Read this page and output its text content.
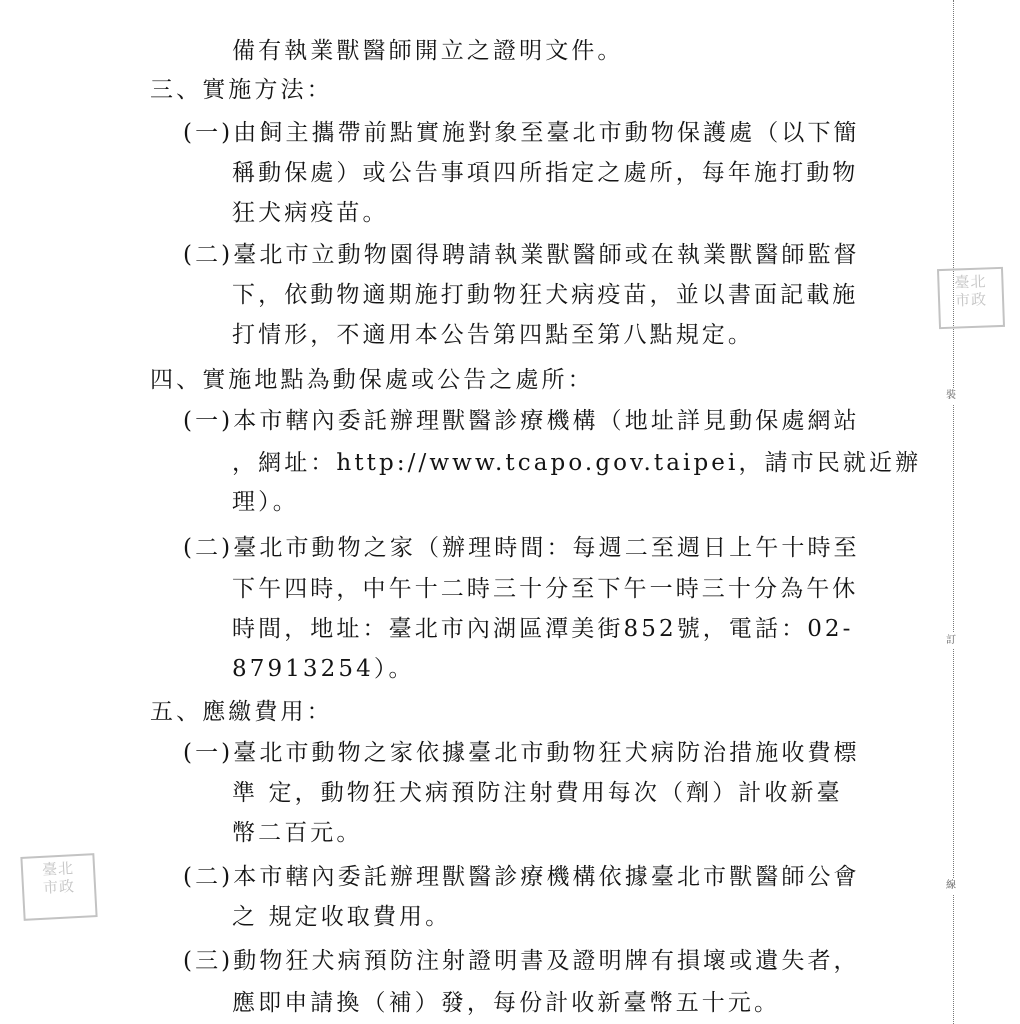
備有執業獸醫師開立之證明文件。
三、實施方法：
(一)由飼主攜帶前點實施對象至臺北市動物保護處（以下簡
稱動保處）或公告事項四所指定之處所，每年施打動物
狂犬病疫苗。
(二)臺北市立動物園得聘請執業獸醫師或在執業獸醫師監督
下，依動物適期施打動物狂犬病疫苗，並以書面記載施
打情形，不適用本公告第四點至第八點規定。
四、實施地點為動保處或公告之處所：
(一)本市轄內委託辦理獸醫診療機構（地址詳見動保處網站
，網址：http://www.tcapo.gov.taipei，請市民就近辦
理）。
(二)臺北市動物之家（辦理時間：每週二至週日上午十時至
下午四時，中午十二時三十分至下午一時三十分為午休
時間，地址：臺北市內湖區潭美街852號，電話：02-
87913254）。
五、應繳費用：
(一)臺北市動物之家依據臺北市動物狂犬病防治措施收費標
準 定，動物狂犬病預防注射費用每次（劑）計收新臺
幣二百元。
(二)本市轄內委託辦理獸醫診療機構依據臺北市獸醫師公會
之 規定收取費用。
(三)動物狂犬病預防注射證明書及證明牌有損壞或遺失者，
應即申請換（補）發，每份計收新臺幣五十元。
裝
訂
線
臺北
市政
臺北
市政
